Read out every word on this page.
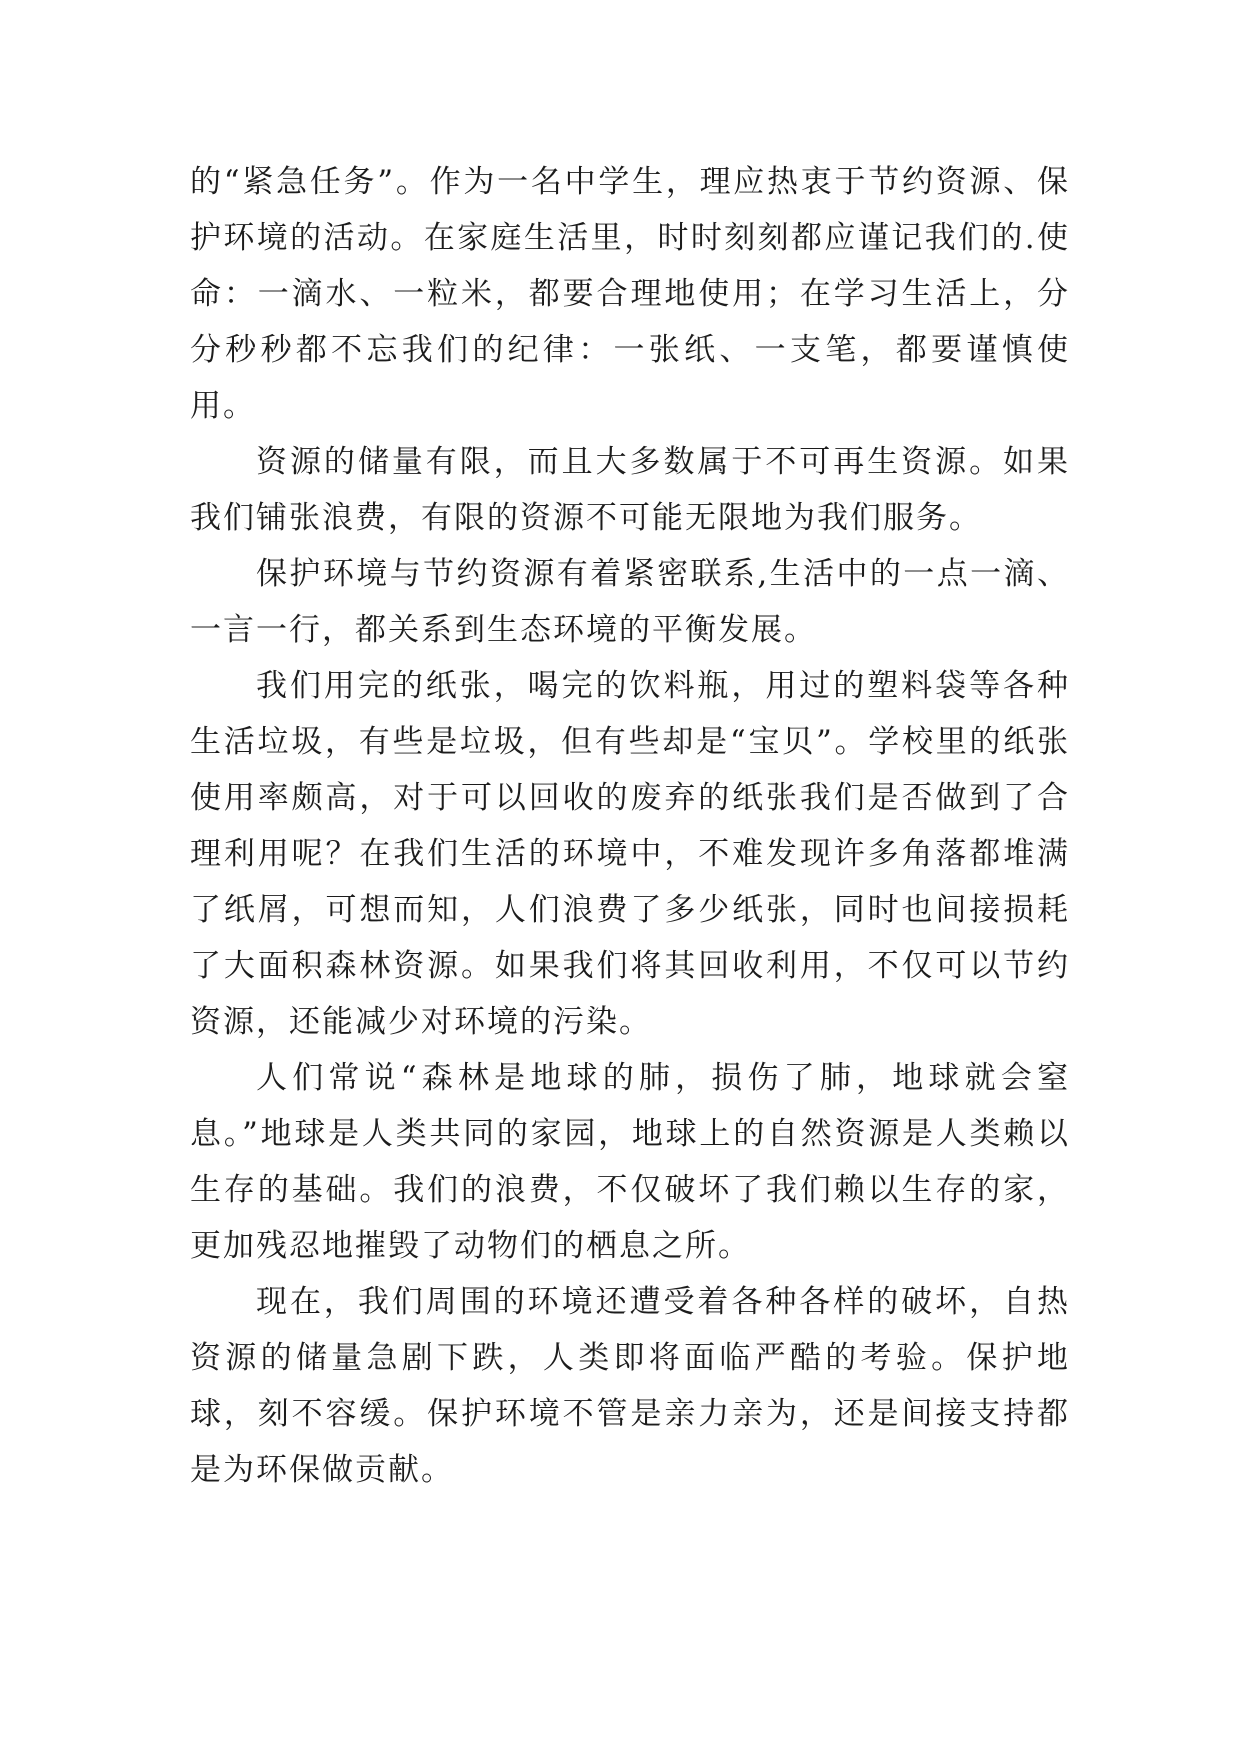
的“紧急任务”。作为一名中学生，理应热衷于节约资源、保护环境的活动。在家庭生活里，时时刻刻都应谨记我们的.使命：一滴水、一粒米，都要合理地使用；在学习生活上，分分秒秒都不忘我们的纪律：一张纸、一支笔，都要谨慎使用。

资源的储量有限，而且大多数属于不可再生资源。如果我们铺张浪费，有限的资源不可能无限地为我们服务。

保护环境与节约资源有着紧密联系,生活中的一点一滴、一言一行，都关系到生态环境的平衡发展。

我们用完的纸张，喝完的饮料瓶，用过的塑料袋等各种生活垃圾，有些是垃圾，但有些却是“宝贝”。学校里的纸张使用率颇高，对于可以回收的废弃的纸张我们是否做到了合理利用呢？在我们生活的环境中，不难发现许多角落都堆满了纸屑，可想而知，人们浪费了多少纸张，同时也间接损耗了大面积森林资源。如果我们将其回收利用，不仅可以节约资源，还能减少对环境的污染。

人们常说“森林是地球的肺，损伤了肺，地球就会窒息。”地球是人类共同的家园，地球上的自然资源是人类赖以生存的基础。我们的浪费，不仅破坏了我们赖以生存的家，更加残忍地摧毁了动物们的栖息之所。

现在，我们周围的环境还遭受着各种各样的破坏，自热资源的储量急剧下跌，人类即将面临严酷的考验。保护地球，刻不容缓。保护环境不管是亲力亲为，还是间接支持都是为环保做贡献。
